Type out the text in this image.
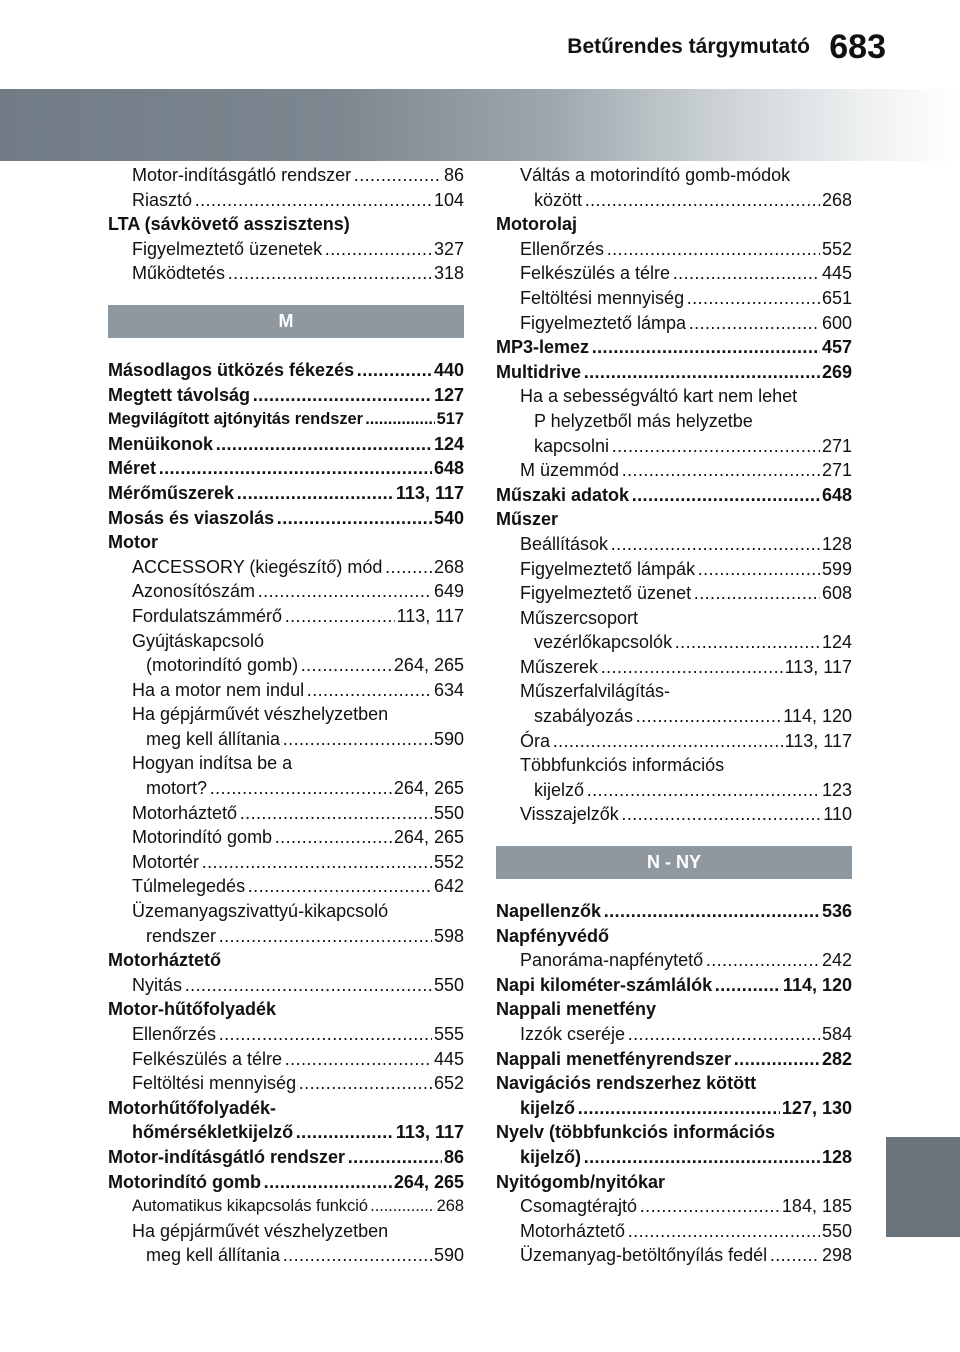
Betűrendes tárgymutató 683
Motor-indításgátló rendszer	86
. . .
Riasztó	104
. . .
LTA (sávkövető asszisztens)
Figyelmeztető üzenetek	327
. . .
Működtetés	318
. . .
M
Másodlagos ütközés fékezés	440
. . .
Megtett távolság	127
. . .
Megvilágított ajtónyitás rendszer	517
. . .
Menüikonok	124
. . .
Méret	648
. . .
Mérőműszerek	113, 117
. . .
Mosás és viaszolás	540
. . .
Motor
ACCESSORY (kiegészítő) mód	268
. . .
Azonosítószám	649
. . .
Fordulatszámmérő	113, 117
. . .
Gyújtáskapcsoló
(motorindító gomb)	264, 265
. . .
Ha a motor nem indul	634
. . .
Ha gépjárművét vészhelyzetben
meg kell állítania	590
. . .
Hogyan indítsa be a
motort?	264, 265
. . .
Motorháztető	550
. . .
Motorindító gomb	264, 265
. . .
Motortér	552
. . .
Túlmelegedés	642
. . .
Üzemanyagszivattyú-kikapcsoló
rendszer	598
. . .
Motorháztető
Nyitás	550
. . .
Motor-hűtőfolyadék
Ellenőrzés	555
. . .
Felkészülés a télre	445
. . .
Feltöltési mennyiség	652
. . .
Motorhűtőfolyadék-
hőmérsékletkijelző	113, 117
. . .
Motor-indításgátló rendszer	86
. . .
Motorindító gomb	264, 265
. . .
Automatikus kikapcsolás funkció	268
. . .
Ha gépjárművét vészhelyzetben
meg kell állítania	590
. . .
Váltás a motorindító gomb-módok
között	268
. . .
Motorolaj
Ellenőrzés	552
. . .
Felkészülés a télre	445
. . .
Feltöltési mennyiség	651
. . .
Figyelmeztető lámpa	600
. . .
MP3-lemez	457
. . .
Multidrive	269
. . .
Ha a sebességváltó kart nem lehet
P helyzetből más helyzetbe
kapcsolni	271
. . .
M üzemmód	271
. . .
Műszaki adatok	648
. . .
Műszer
Beállítások	128
. . .
Figyelmeztető lámpák	599
. . .
Figyelmeztető üzenet	608
. . .
Műszercsoport
vezérlőkapcsolók	124
. . .
Műszerek	113, 117
. . .
Műszerfalvilágítás-
szabályozás	114, 120
. . .
Óra	113, 117
. . .
Többfunkciós információs
kijelző	123
. . .
Visszajelzők	110
. . .
N - NY
Napellenzők	536
. . .
Napfényvédő
Panoráma-napfénytető	242
. . .
Napi kilométer-számlálók	114, 120
. . .
Nappali menetfény
Izzók cseréje	584
. . .
Nappali menetfényrendszer	282
. . .
Navigációs rendszerhez kötött
kijelző	127, 130
. . .
Nyelv (többfunkciós információs
kijelző)	128
. . .
Nyitógomb/nyitókar
Csomagtérajtó	184, 185
. . .
Motorháztető	550
. . .
Üzemanyag-betöltőnyílás fedél	298
. . .
